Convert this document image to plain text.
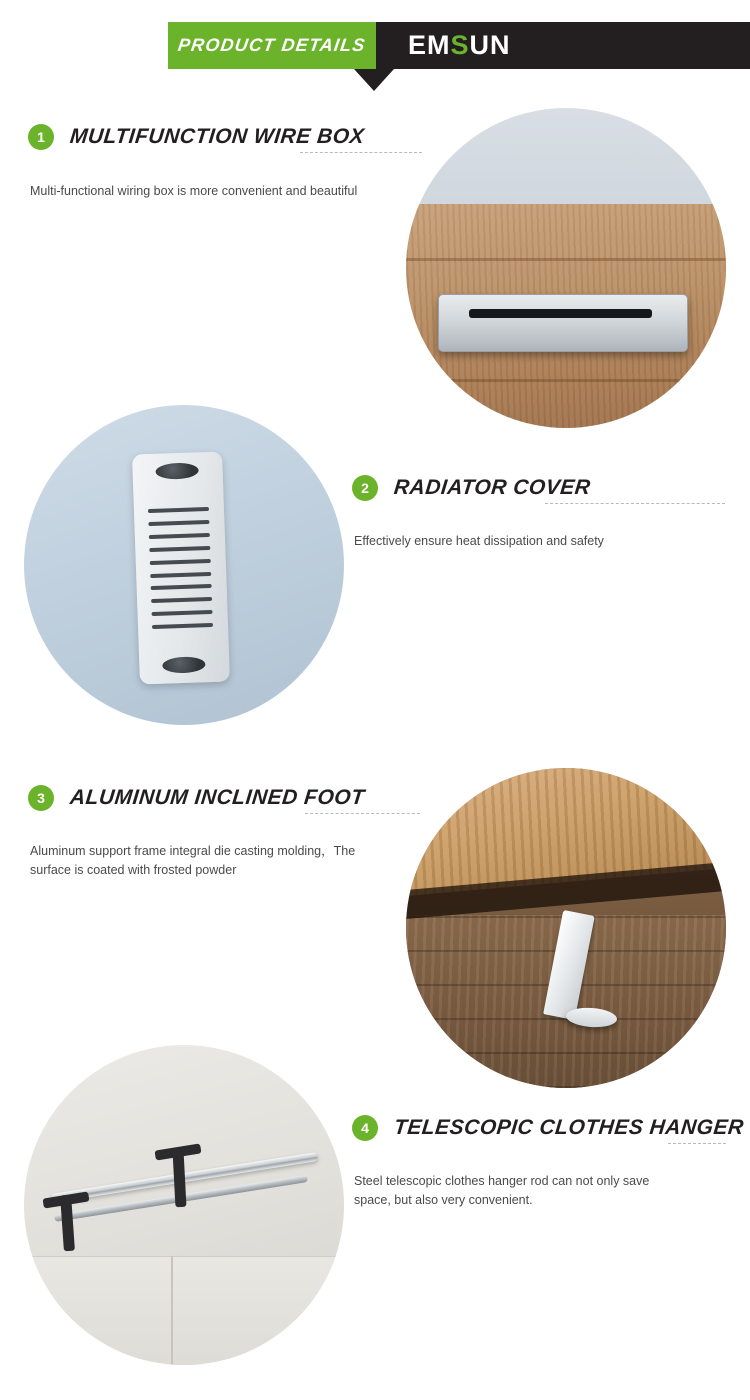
PRODUCT DETAILS EMSUN
1	MULTIFUNCTION WIRE BOX
Multi-functional wiring box is more convenient and beautiful
2	RADIATOR COVER
Effectively ensure heat dissipation and safety
3	ALUMINUM INCLINED FOOT
Aluminum support frame integral die casting molding，The surface is coated with frosted powder
4	TELESCOPIC CLOTHES HANGER
Steel telescopic clothes hanger rod can not only save space, but also very convenient.
